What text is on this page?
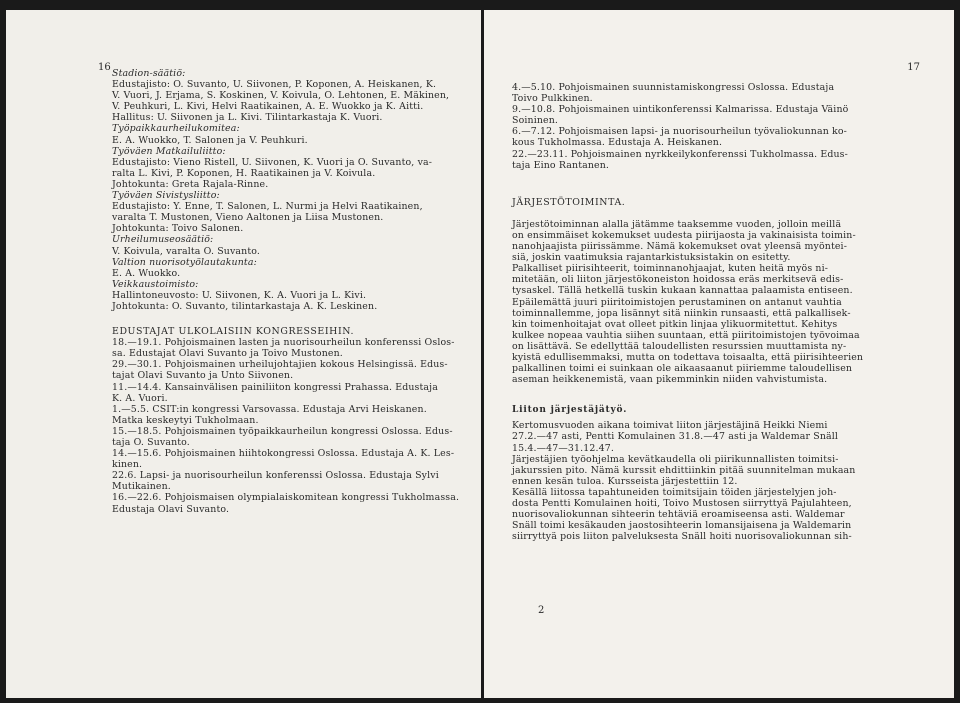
16
Stadion-säätiö:
Edustajisto: O. Suvanto, U. Siivonen, P. Koponen, A. Heiskanen, K.
V. Vuori, J. Erjama, S. Koskinen, V. Koivula, O. Lehtonen, E. Mäkinen,
V. Peuhkuri, L. Kivi, Helvi Raatikainen, A. E. Wuokko ja K. Aitti.
Hallitus: U. Siivonen ja L. Kivi. Tilintarkastaja K. Vuori.
Työpaikkaurheilukomitea:
E. A. Wuokko, T. Salonen ja V. Peuhkuri.
Työväen Matkailuliitto:
Edustajisto: Vieno Ristell, U. Siivonen, K. Vuori ja O. Suvanto, va-
ralta L. Kivi, P. Koponen, H. Raatikainen ja V. Koivula.
Johtokunta: Greta Rajala-Rinne.
Työväen Sivistysliitto:
Edustajisto: Y. Enne, T. Salonen, L. Nurmi ja Helvi Raatikainen,
varalta T. Mustonen, Vieno Aaltonen ja Liisa Mustonen.
Johtokunta: Toivo Salonen.
Urheilumuseosäätiö:
V. Koivula, varalta O. Suvanto.
Valtion nuorisotyölautakunta:
E. A. Wuokko.
Veikkaustoimisto:
Hallintoneuvosto: U. Siivonen, K. A. Vuori ja L. Kivi.
Johtokunta: O. Suvanto, tilintarkastaja A. K. Leskinen.
EDUSTAJAT ULKOLAISIIN KONGRESSEIHIN.
18.—19.1. Pohjoismainen lasten ja nuorisourheilun konferenssi Oslos-
sa. Edustajat Olavi Suvanto ja Toivo Mustonen.
29.—30.1. Pohjoismainen urheilujohtajien kokous Helsingissä. Edus-
tajat Olavi Suvanto ja Unto Siivonen.
11.—14.4. Kansainvälisen painiliiton kongressi Prahassa. Edustaja
K. A. Vuori.
1.—5.5. CSIT:in kongressi Varsovassa. Edustaja Arvi Heiskanen.
Matka keskeytyi Tukholmaan.
15.—18.5. Pohjoismainen työpaikkaurheilun kongressi Oslossa. Edus-
taja O. Suvanto.
14.—15.6. Pohjoismainen hiihtokongressi Oslossa. Edustaja A. K. Les-
kinen.
22.6. Lapsi- ja nuorisourheilun konferenssi Oslossa. Edustaja Sylvi
Mutikainen.
16.—22.6. Pohjoismaisen olympialaiskomitean kongressi Tukholmassa.
Edustaja Olavi Suvanto.
17
4.—5.10. Pohjoismainen suunnistamiskongressi Oslossa. Edustaja
Toivo Pulkkinen.
9.—10.8. Pohjoismainen uintikonferenssi Kalmarissa. Edustaja Väinö
Soininen.
6.—7.12. Pohjoismaisen lapsi- ja nuorisourheilun työvaliokunnan ko-
kous Tukholmassa. Edustaja A. Heiskanen.
22.—23.11. Pohjoismainen nyrkkeilykonferenssi Tukholmassa. Edus-
taja Eino Rantanen.
JÄRJESTÖTOIMINTA.
Järjestötoiminnan alalla jätämme taaksemme vuoden, jolloin meillä
on ensimmäiset kokemukset uudesta piirijaosta ja vakinaisista toimin-
nanohjaajista piirissämme. Nämä kokemukset ovat yleensä myöntei-
siä, joskin vaatimuksia rajantarkistuksistakin on esitetty.
Palkalliset piirisihteerit, toiminnanohjaajat, kuten heitä myös ni-
mitetään, oli liiton järjestökoneiston hoidossa eräs merkitsevä edis-
tysaskel. Tällä hetkellä tuskin kukaan kannattaa palaamista entiseen.
Epäilemättä juuri piiritoimistojen perustaminen on antanut vauhtia
toiminnallemme, jopa lisännyt sitä niinkin runsaasti, että palkallisek-
kin toimenhoitajat ovat olleet pitkin linjaa ylikuormitettut. Kehitys
kulkee nopeaa vauhtia siihen suuntaan, että piiritoimistojen työvoimaa
on lisättävä. Se edellyttää taloudellisten resurssien muuttamista ny-
kyistä edullisemmaksi, mutta on todettava toisaalta, että piirisihteerien
palkallinen toimi ei suinkaan ole aikaasaanut piiriemme taloudellisen
aseman heikkenemistä, vaan pikemminkin niiden vahvistumista.
Liiton järjestäjätyö.
Kertomusvuoden aikana toimivat liiton järjestäjinä Heikki Niemi
27.2.—47 asti, Pentti Komulainen 31.8.—47 asti ja Waldemar Snäll
15.4.—47—31.12.47.
Järjestäjien työohjelma kevätkaudella oli piirikunnallisten toimitsi-
jakurssien pito. Nämä kurssit ehdittiinkin pitää suunnitelman mukaan
ennen kesän tuloa. Kursseista järjestettiin 12.
Kesällä liitossa tapahtuneiden toimitsijain töiden järjestelyjen joh-
dosta Pentti Komulainen hoiti, Toivo Mustosen siirryttyä Pajulahteen,
nuorisovaliokunnan sihteerin tehtäviä eroamiseensa asti. Waldemar
Snäll toimi kesäkauden jaostosihteerin lomansijaisena ja Waldemarin
siirryttyä pois liiton palveluksesta Snäll hoiti nuorisovaliokunnan sih-
2
